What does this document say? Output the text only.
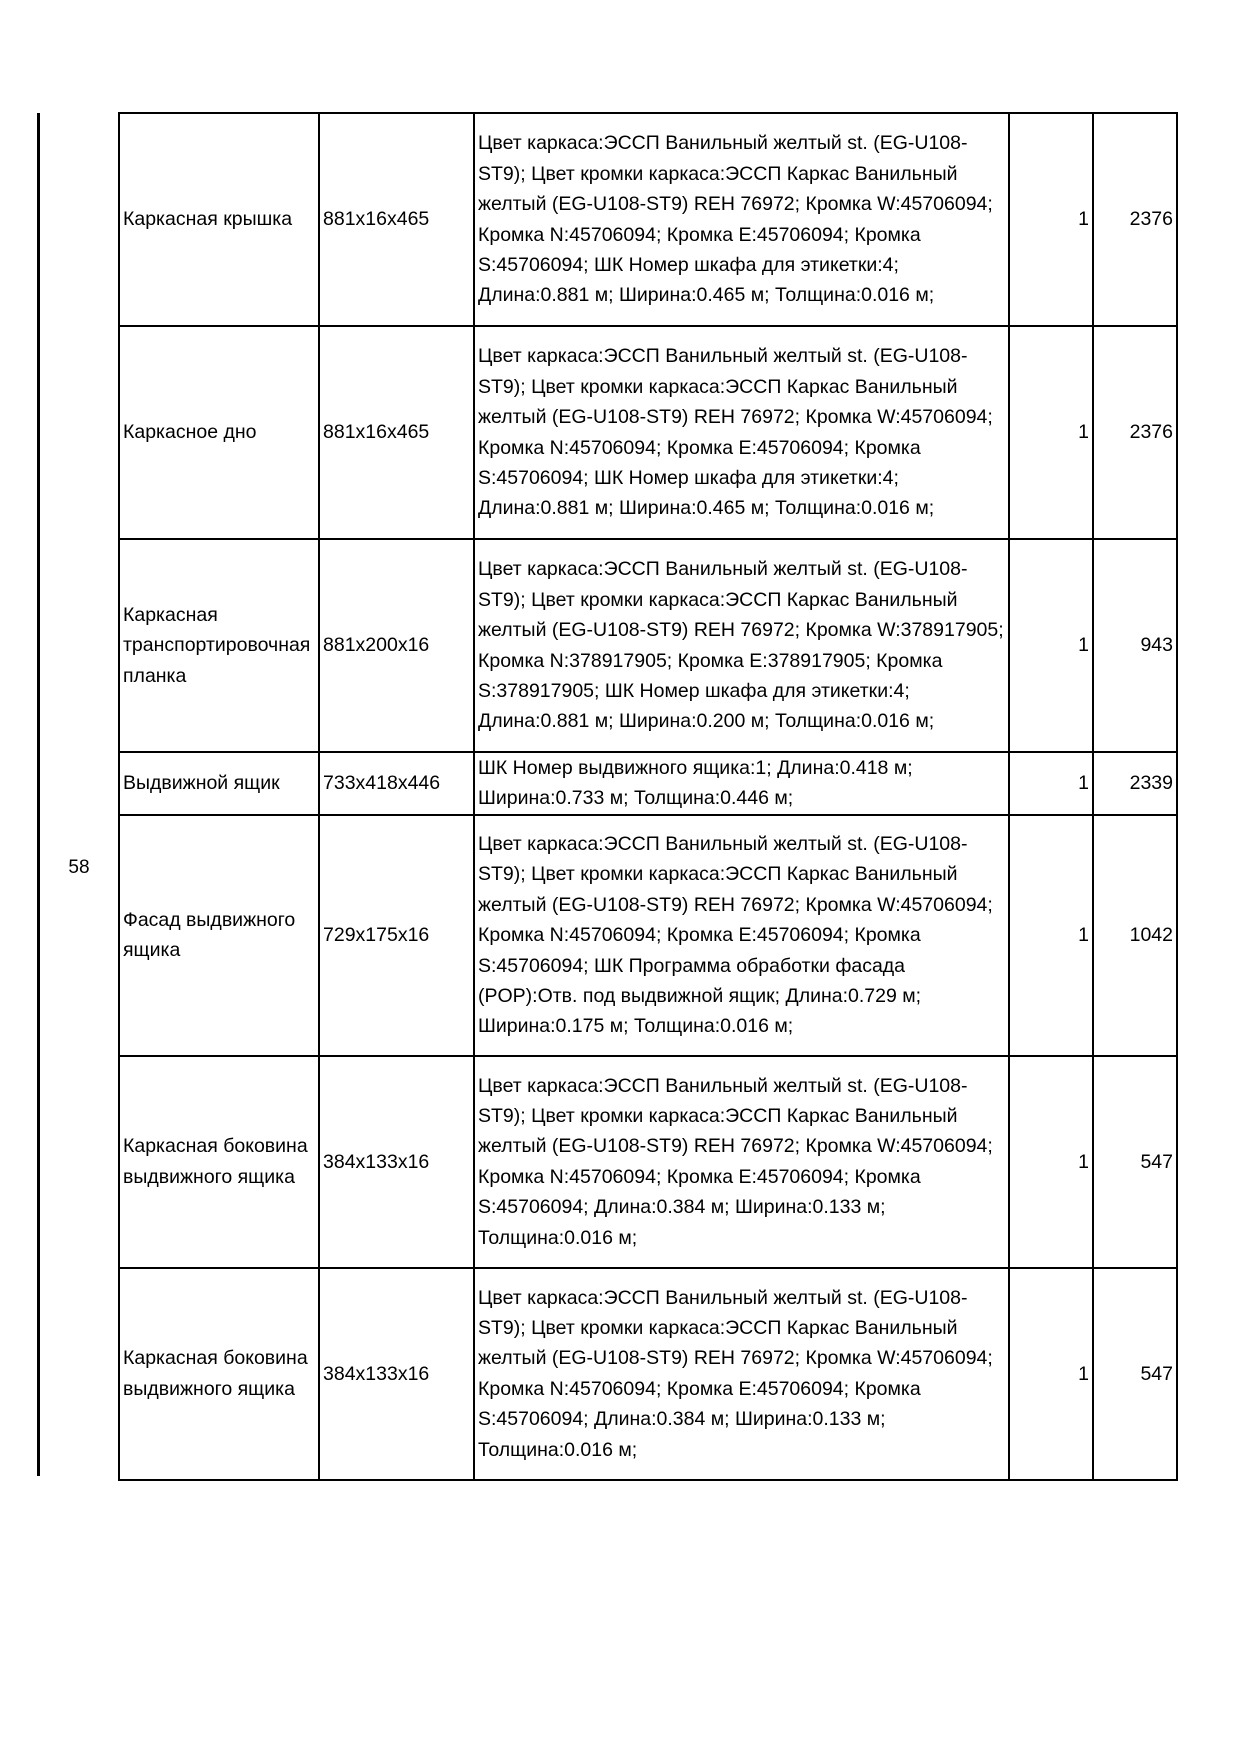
58
Каркасная крышка	881x16x465	Цвет каркаса:ЭССП Ванильный желтый st. (EG-U108-ST9); Цвет кромки каркаса:ЭССП Каркас Ванильный желтый (EG-U108-ST9) REH 76972; Кромка W:45706094; Кромка N:45706094; Кромка E:45706094; Кромка S:45706094; ШК Номер шкафа для этикетки:4; Длина:0.881 м; Ширина:0.465 м; Толщина:0.016 м;	1	2376
Каркасное дно	881x16x465	Цвет каркаса:ЭССП Ванильный желтый st. (EG-U108-ST9); Цвет кромки каркаса:ЭССП Каркас Ванильный желтый (EG-U108-ST9) REH 76972; Кромка W:45706094; Кромка N:45706094; Кромка E:45706094; Кромка S:45706094; ШК Номер шкафа для этикетки:4; Длина:0.881 м; Ширина:0.465 м; Толщина:0.016 м;	1	2376
Каркасная транспортировочная планка	881x200x16	Цвет каркаса:ЭССП Ванильный желтый st. (EG-U108-ST9); Цвет кромки каркаса:ЭССП Каркас Ванильный желтый (EG-U108-ST9) REH 76972; Кромка W:378917905; Кромка N:378917905; Кромка E:378917905; Кромка S:378917905; ШК Номер шкафа для этикетки:4; Длина:0.881 м; Ширина:0.200 м; Толщина:0.016 м;	1	943
Выдвижной ящик	733x418x446	ШК Номер выдвижного ящика:1; Длина:0.418 м; Ширина:0.733 м; Толщина:0.446 м;	1	2339
Фасад выдвижного ящика	729x175x16	Цвет каркаса:ЭССП Ванильный желтый st. (EG-U108-ST9); Цвет кромки каркаса:ЭССП Каркас Ванильный желтый (EG-U108-ST9) REH 76972; Кромка W:45706094; Кромка N:45706094; Кромка E:45706094; Кромка S:45706094; ШК Программа обработки фасада (POP):Отв. под выдвижной ящик; Длина:0.729 м; Ширина:0.175 м; Толщина:0.016 м;	1	1042
Каркасная боковина выдвижного ящика	384x133x16	Цвет каркаса:ЭССП Ванильный желтый st. (EG-U108-ST9); Цвет кромки каркаса:ЭССП Каркас Ванильный желтый (EG-U108-ST9) REH 76972; Кромка W:45706094; Кромка N:45706094; Кромка E:45706094; Кромка S:45706094; Длина:0.384 м; Ширина:0.133 м; Толщина:0.016 м;	1	547
Каркасная боковина выдвижного ящика	384x133x16	Цвет каркаса:ЭССП Ванильный желтый st. (EG-U108-ST9); Цвет кромки каркаса:ЭССП Каркас Ванильный желтый (EG-U108-ST9) REH 76972; Кромка W:45706094; Кромка N:45706094; Кромка E:45706094; Кромка S:45706094; Длина:0.384 м; Ширина:0.133 м; Толщина:0.016 м;	1	547
